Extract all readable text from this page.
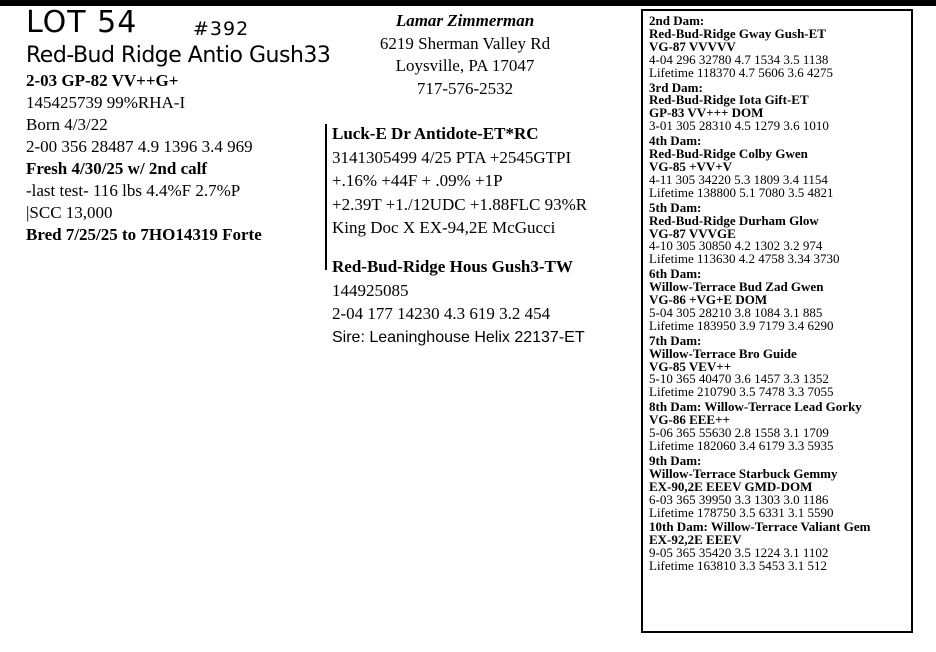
LOT 54	#392
Red-Bud Ridge Antio Gush33
2-03 GP-82 VV++G+
145425739 99%RHA-I
Born 4/3/22
2-00 356 28487 4.9 1396 3.4 969
Fresh 4/30/25 w/ 2nd calf
-last test- 116 lbs 4.4%F 2.7%P
|SCC 13,000
Bred 7/25/25 to 7HO14319 Forte
Lamar Zimmerman
6219 Sherman Valley Rd
Loysville, PA 17047
717-576-2532
Luck-E Dr Antidote-ET*RC
3141305499 4/25 PTA +2545GTPI
+.16% +44F + .09% +1P
+2.39T +1./12UDC +1.88FLC 93%R
King Doc X EX-94,2E McGucci
Red-Bud-Ridge Hous Gush3-TW
144925085
2-04 177 14230 4.3 619 3.2 454
Sire: Leaninghouse Helix 22137-ET
2nd Dam:
Red-Bud-Ridge Gway Gush-ET
VG-87 VVVVV
4-04 296 32780 4.7 1534 3.5 1138
Lifetime 118370 4.7 5606 3.6 4275
3rd Dam:
Red-Bud-Ridge Iota Gift-ET
GP-83 VV+++ DOM
3-01 305 28310 4.5 1279 3.6 1010
4th Dam:
Red-Bud-Ridge Colby Gwen
VG-85 +VV+V
4-11 305 34220 5.3 1809 3.4 1154
Lifetime 138800 5.1 7080 3.5 4821
5th Dam:
Red-Bud-Ridge Durham Glow
VG-87 VVVGE
4-10 305 30850 4.2 1302 3.2 974
Lifetime 113630 4.2 4758 3.34 3730
6th Dam:
Willow-Terrace Bud Zad Gwen
VG-86 +VG+E DOM
5-04 305 28210 3.8 1084 3.1 885
Lifetime 183950 3.9 7179 3.4 6290
7th Dam:
Willow-Terrace Bro Guide
VG-85 VEV++
5-10 365 40470 3.6 1457 3.3 1352
Lifetime 210790 3.5 7478 3.3 7055
8th Dam: Willow-Terrace Lead Gorky
VG-86 EEE++
5-06 365 55630 2.8 1558 3.1 1709
Lifetime 182060 3.4 6179 3.3 5935
9th Dam:
Willow-Terrace Starbuck Gemmy
EX-90,2E EEEV GMD-DOM
6-03 365 39950 3.3 1303 3.0 1186
Lifetime 178750 3.5 6331 3.1 5590
10th Dam: Willow-Terrace Valiant Gem
EX-92,2E EEEV
9-05 365 35420 3.5 1224 3.1 1102
Lifetime 163810 3.3 5453 3.1 512
